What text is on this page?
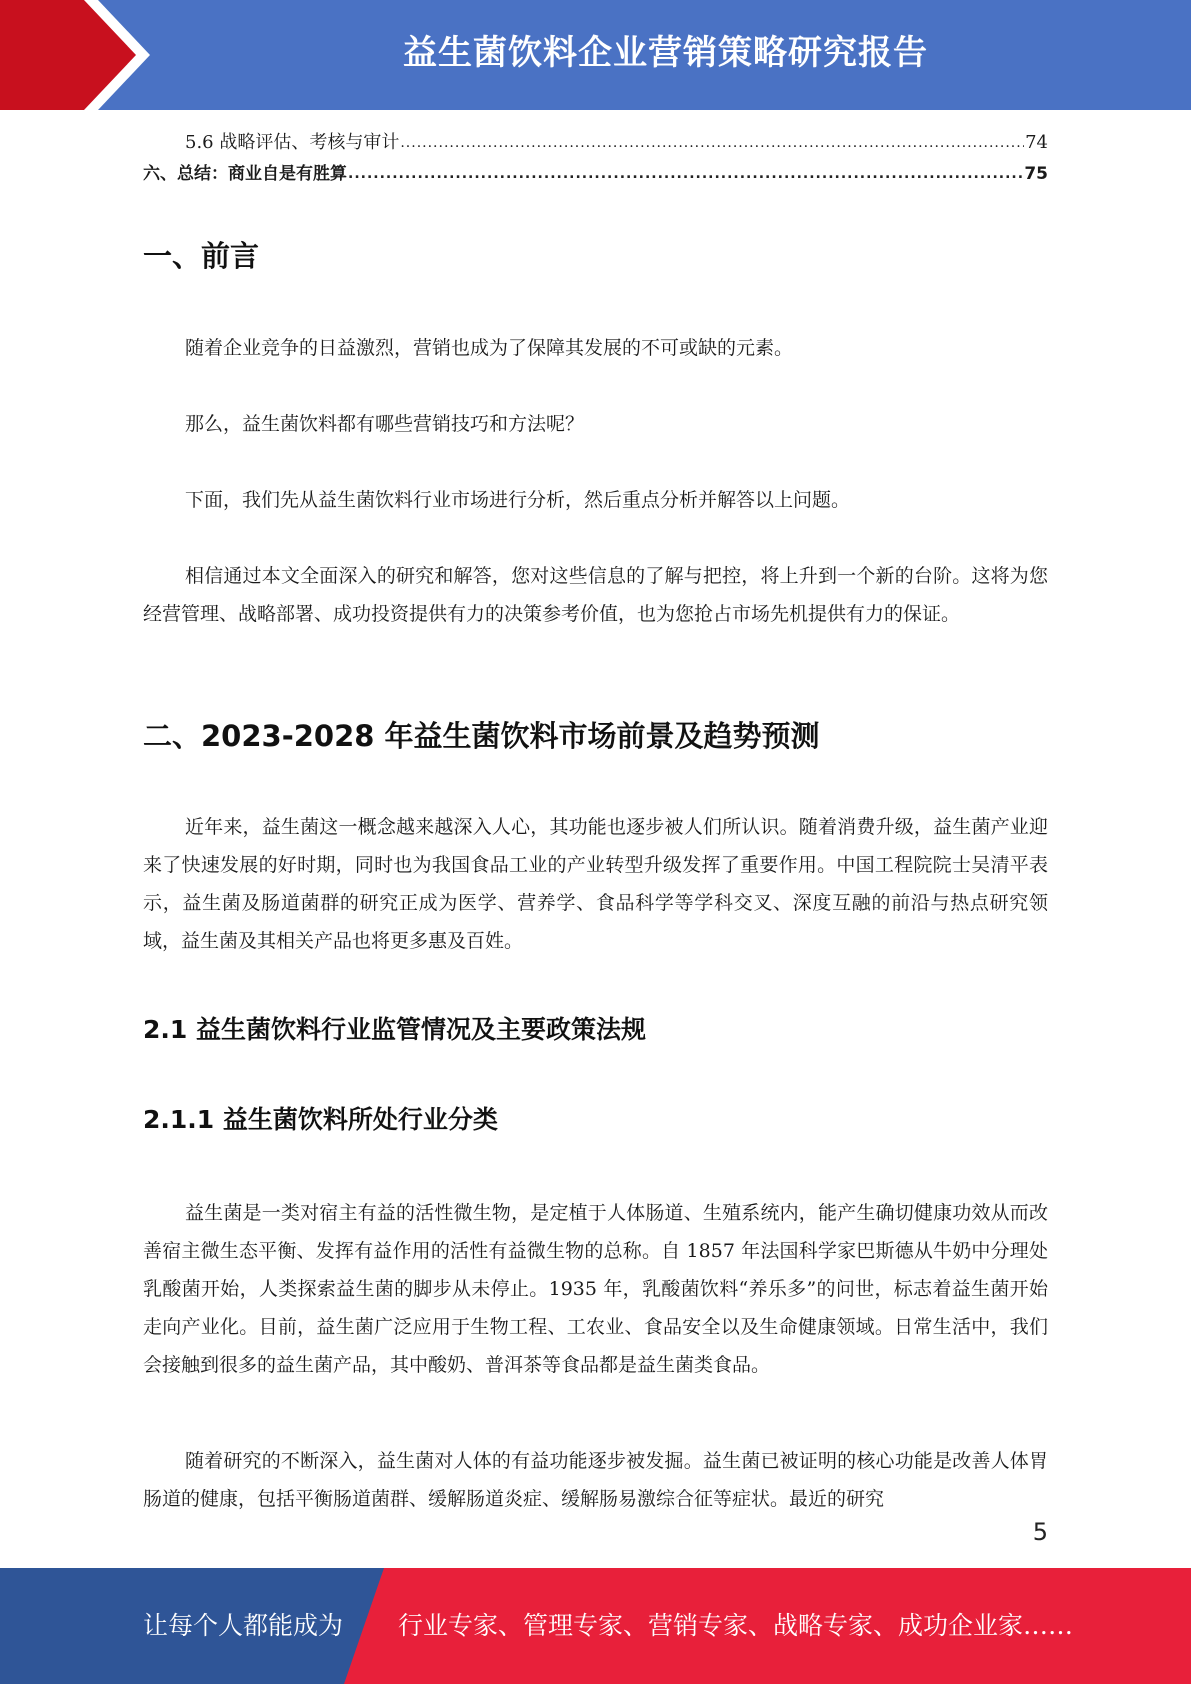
益生菌饮料企业营销策略研究报告
5.6 战略评估、考核与审计 .....	74
六、总结：商业自是有胜算 .....	75
一、前言

随着企业竞争的日益激烈，营销也成为了保障其发展的不可或缺的元素。

那么，益生菌饮料都有哪些营销技巧和方法呢？

下面，我们先从益生菌饮料行业市场进行分析，然后重点分析并解答以上问题。

相信通过本文全面深入的研究和解答，您对这些信息的了解与把控，将上升到一个新的台阶。这将为您经营管理、战略部署、成功投资提供有力的决策参考价值，也为您抢占市场先机提供有力的保证。

二、2023-2028 年益生菌饮料市场前景及趋势预测

近年来，益生菌这一概念越来越深入人心，其功能也逐步被人们所认识。随着消费升级，益生菌产业迎来了快速发展的好时期，同时也为我国食品工业的产业转型升级发挥了重要作用。中国工程院院士吴清平表示，益生菌及肠道菌群的研究正成为医学、营养学、食品科学等学科交叉、深度互融的前沿与热点研究领域，益生菌及其相关产品也将更多惠及百姓。

2.1 益生菌饮料行业监管情况及主要政策法规
2.1.1 益生菌饮料所处行业分类

益生菌是一类对宿主有益的活性微生物，是定植于人体肠道、生殖系统内，能产生确切健康功效从而改善宿主微生态平衡、发挥有益作用的活性有益微生物的总称。自 1857 年法国科学家巴斯德从牛奶中分理处乳酸菌开始，人类探索益生菌的脚步从未停止。1935 年，乳酸菌饮料“养乐多”的问世，标志着益生菌开始走向产业化。目前，益生菌广泛应用于生物工程、工农业、食品安全以及生命健康领域。日常生活中，我们会接触到很多的益生菌产品，其中酸奶、普洱茶等食品都是益生菌类食品。

随着研究的不断深入，益生菌对人体的有益功能逐步被发掘。益生菌已被证明的核心功能是改善人体胃肠道的健康，包括平衡肠道菌群、缓解肠道炎症、缓解肠易激综合征等症状。最近的研究

5
让每个人都能成为 行业专家、管理专家、营销专家、战略专家、成功企业家……
